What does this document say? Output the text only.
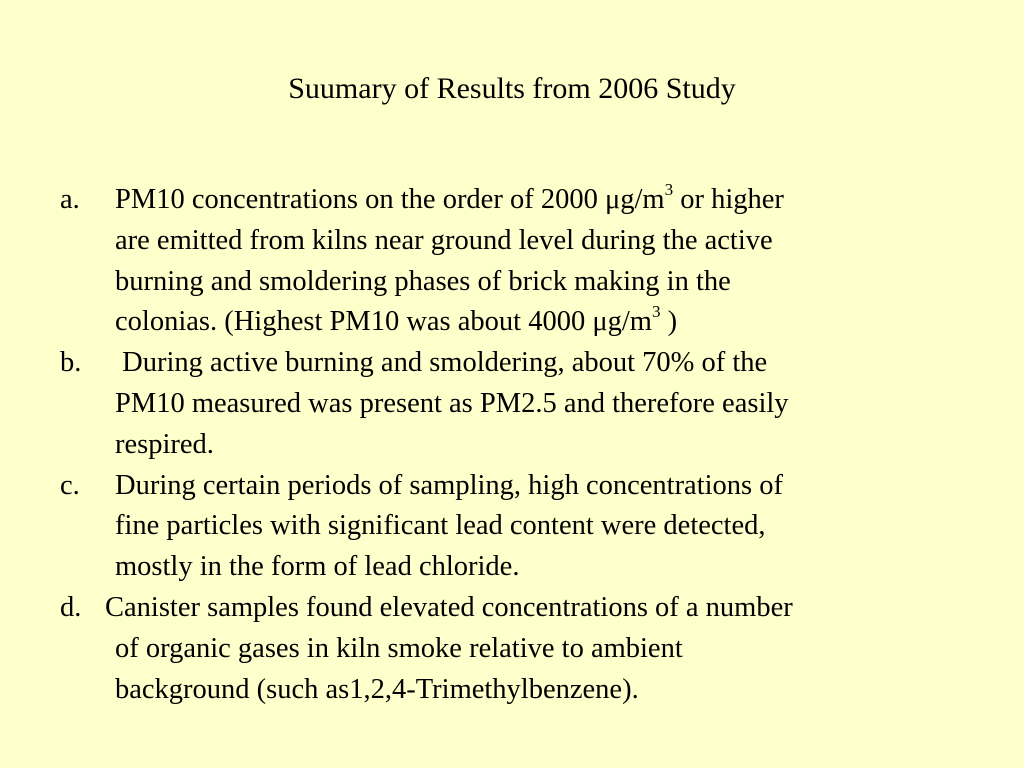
Suumary of Results from 2006 Study
a. PM10 concentrations on the order of 2000 $\mu g/m^3$ or higher
are emitted from kilns near ground level during the active
burning and smoldering phases of brick making in the
colonias. (Highest PM10 was about 4000 $\mu g/m^3$ )
b. During active burning and smoldering, about 70% of the
PM10 measured was present as PM2.5 and therefore easily
respired.
c. During certain periods of sampling, high concentrations of
fine particles with significant lead content were detected,
mostly in the form of lead chloride.
d. Canister samples found elevated concentrations of a number
of organic gases in kiln smoke relative to ambient
background (such as1,2,4-Trimethylbenzene).
